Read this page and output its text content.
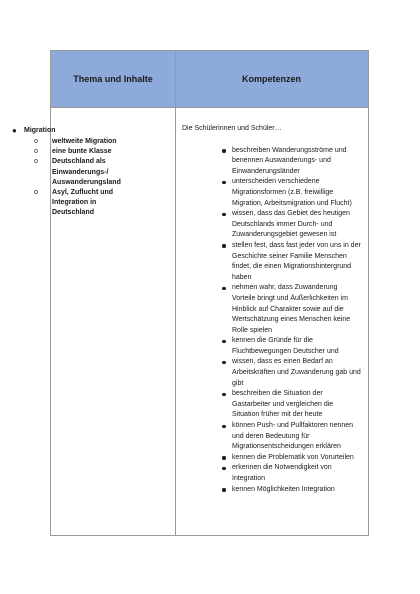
Thema und Inhalte	Kompetenzen
● Migration
o weltweite Migration
o eine bunte Klasse
o Deutschland als Einwanderungs-/ Auswanderungsland
o Asyl, Zuflucht und Integration in Deutschland
Die Schülerinnen und Schüler…
beschreiben Wanderungsströme und benennen Auswanderungs- und Einwanderungsländer
unterscheiden verschiedene Migrationsformen (z.B. freiwillige Migration, Arbeitsmigration und Flucht)
wissen, dass das Gebiet des heutigen Deutschlands immer Durch- und Zuwanderungsgebiet gewesen ist
stellen fest, dass fast jeder von uns in der Geschichte seiner Familie Menschen findet, die einen Migrationshintergrund haben
nehmen wahr, dass Zuwanderung Vorteile bringt und Äußerlichkeiten im Hinblick auf Charakter sowie auf die Wertschätzung eines Menschen keine Rolle spielen
kennen die Gründe für die Fluchtbewegungen Deutscher und
wissen, dass es einen Bedarf an Arbeitskräften und Zuwanderung gab und gibt
beschreiben die Situation der Gastarbeiter und vergleichen die Situation früher mit der heute
können Push- und Pullfaktoren nennen und deren Bedeutung für Migrationsentscheidungen erklären
kennen die Problematik von Vorurteilen
erkennen die Notwendigkeit von Integration
kennen Möglichkeiten Integration
